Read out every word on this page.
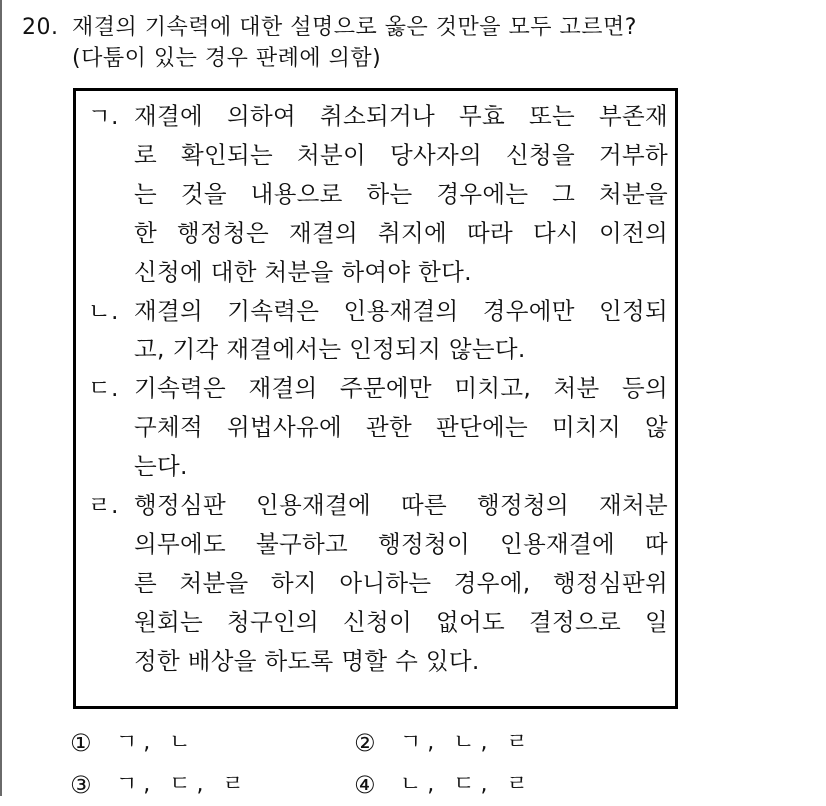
20. 재결의 기속력에 대한 설명으로 옳은 것만을 모두 고르면?
(다툼이 있는 경우 판례에 의함)
ㄱ. 재결에 의하여 취소되거나 무효 또는 부존재
로 확인되는 처분이 당사자의 신청을 거부하
는 것을 내용으로 하는 경우에는 그 처분을
한 행정청은 재결의 취지에 따라 다시 이전의
신청에 대한 처분을 하여야 한다.
ㄴ. 재결의 기속력은 인용재결의 경우에만 인정되
고, 기각 재결에서는 인정되지 않는다.
ㄷ. 기속력은 재결의 주문에만 미치고, 처분 등의
구체적 위법사유에 관한 판단에는 미치지 않
는다.
ㄹ. 행정심판 인용재결에 따른 행정청의 재처분
의무에도 불구하고 행정청이 인용재결에 따
른 처분을 하지 아니하는 경우에, 행정심판위
원회는 청구인의 신청이 없어도 결정으로 일
정한 배상을 하도록 명할 수 있다.
①	ㄱ, ㄴ	②	ㄱ, ㄴ, ㄹ
③	ㄱ, ㄷ, ㄹ	④	ㄴ, ㄷ, ㄹ
